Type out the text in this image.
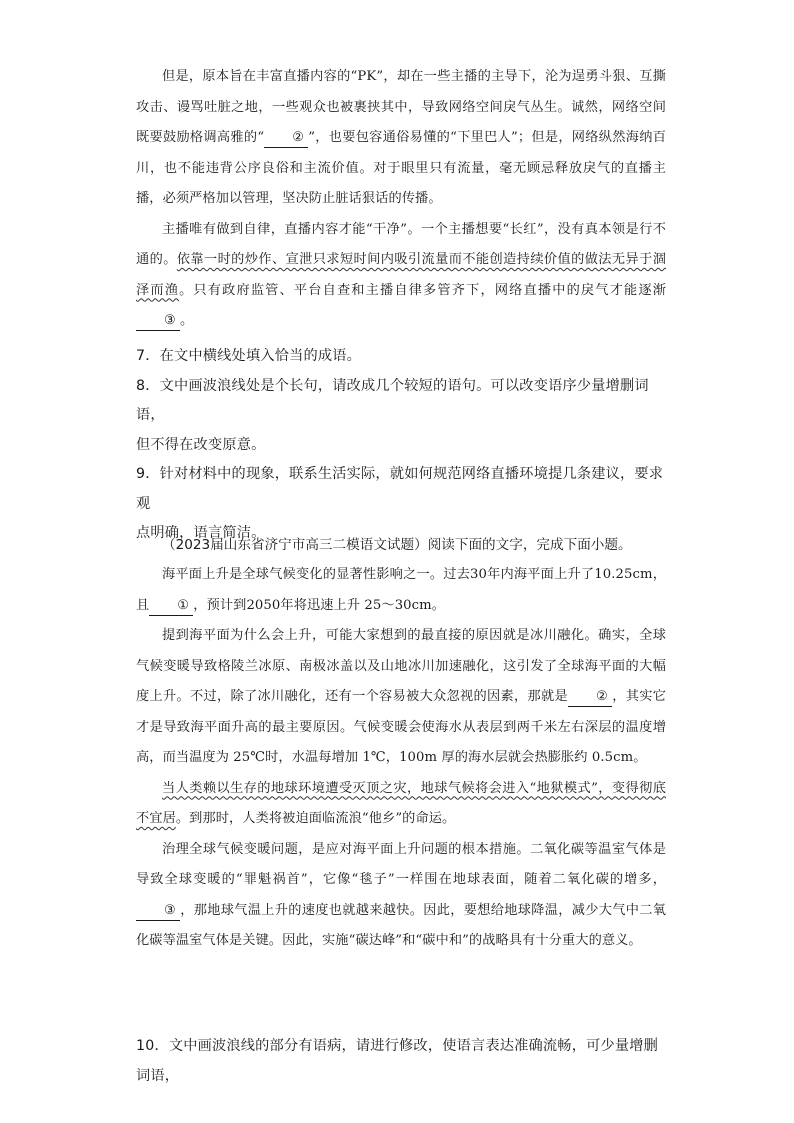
但是，原本旨在丰富直播内容的“PK”，却在一些主播的主导下，沦为逞勇斗狠、互撕攻击、谩骂吐脏之地，一些观众也被裹挟其中，导致网络空间戾气丛生。诚然，网络空间既要鼓励格调高雅的“ ② ”，也要包容通俗易懂的“下里巴人”；但是，网络纵然海纳百川，也不能违背公序良俗和主流价值。对于眼里只有流量，毫无顾忌释放戾气的直播主播，必须严格加以管理，坚决防止脏话狠话的传播。

主播唯有做到自律，直播内容才能“干净”。一个主播想要“长红”，没有真本领是行不通的。依靠一时的炒作、宣泄只求短时间内吸引流量而不能创造持续价值的做法无异于涸泽而渔。只有政府监管、平台自查和主播自律多管齐下，网络直播中的戾气才能逐渐③ 。

7．在文中横线处填入恰当的成语。

8．文中画波浪线处是个长句，请改成几个较短的语句。可以改变语序少量增删词语，

但不得在改变原意。

9．针对材料中的现象，联系生活实际，就如何规范网络直播环境提几条建议，要求观

点明确，语言简洁。

（2023届山东省济宁市高三二模语文试题）阅读下面的文字，完成下面小题。

海平面上升是全球气候变化的显著性影响之一。过去30年内海平面上升了10.25cm，且 ① ，预计到2050年将迅速上升 25～30cm。

提到海平面为什么会上升，可能大家想到的最直接的原因就是冰川融化。确实，全球气候变暖导致格陵兰冰原、南极冰盖以及山地冰川加速融化，这引发了全球海平面的大幅度上升。不过，除了冰川融化，还有一个容易被大众忽视的因素，那就是 ② ，其实它才是导致海平面升高的最主要原因。气候变暖会使海水从表层到两千米左右深层的温度增高，而当温度为 25℃时，水温每增加 1℃，100m 厚的海水层就会热膨胀约 0.5cm。

当人类赖以生存的地球环境遭受灭顶之灾，地球气候将会进入“地狱模式”，变得彻底不宜居。到那时，人类将被迫面临流浪“他乡”的命运。

治理全球气候变暖问题，是应对海平面上升问题的根本措施。二氧化碳等温室气体是导致全球变暖的“罪魁祸首”，它像“毯子”一样围在地球表面，随着二氧化碳的增多，③ ，那地球气温上升的速度也就越来越快。因此，要想给地球降温，减少大气中二氧化碳等温室气体是关键。因此，实施“碳达峰”和“碳中和”的战略具有十分重大的意义。

10．文中画波浪线的部分有语病，请进行修改，使语言表达准确流畅，可少量增删词语，
